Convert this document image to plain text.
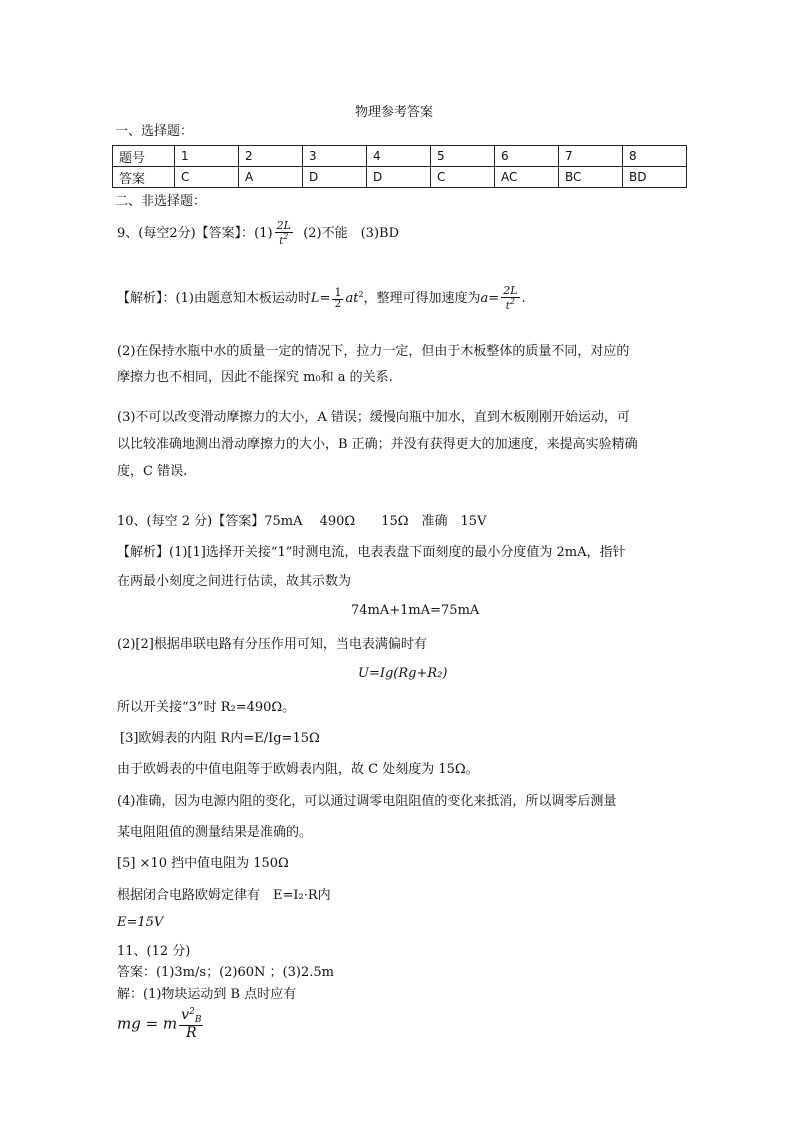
物理参考答案
一、选择题：
题号	1	2	3	4	5	6	7	8
答案	C	A	D	D	C	AC	BC	BD
二、非选择题：
9、(每空2分)【答案】：$(1) \frac{2L}{t^2} (2)$不能　(3)BD
【解析】：(1)由题意知木板运动时$L= \frac{1}{2} at^2$，整理可得加速度为$a= \frac{2L}{t^2}$ .
(2)在保持水瓶中水的质量一定的情况下，拉力一定，但由于木板整体的质量不同，对应的
摩擦力也不相同，因此不能探究 m₀和 a 的关系.
(3)不可以改变滑动摩擦力的大小，A 错误；缓慢向瓶中加水，直到木板刚刚开始运动，可
以比较准确地测出滑动摩擦力的大小，B 正确；并没有获得更大的加速度，来提高实验精确
度，C 错误.
10、(每空 2 分)【答案】75mA　 490Ω　　15Ω　准确　15V
【解析】(1)[1]选择开关接“1”时测电流，电表表盘下面刻度的最小分度值为 2mA，指针
在两最小刻度之间进行估读，故其示数为
74mA+1mA=75mA
(2)[2]根据串联电路有分压作用可知，当电表满偏时有
U=Ig(Rg+R₂)
所以开关接“3”时 R₂=490Ω。
[3]欧姆表的内阻 R内=E/Ig=15Ω
由于欧姆表的中值电阻等于欧姆表内阻，故 C 处刻度为 15Ω。
(4)准确，因为电源内阻的变化，可以通过调零电阻阻值的变化来抵消，所以调零后测量
某电阻阻值的测量结果是准确的。
[5] ×10 挡中值电阻为 150Ω
根据闭合电路欧姆定律有　E=I₂·R内
E=15V
11、(12 分)
答案：(1)3m/s；(2)60N ；(3)2.5m
解：(1)物块运动到 B 点时应有
mg = m $\frac{v^2_B}{R}$
